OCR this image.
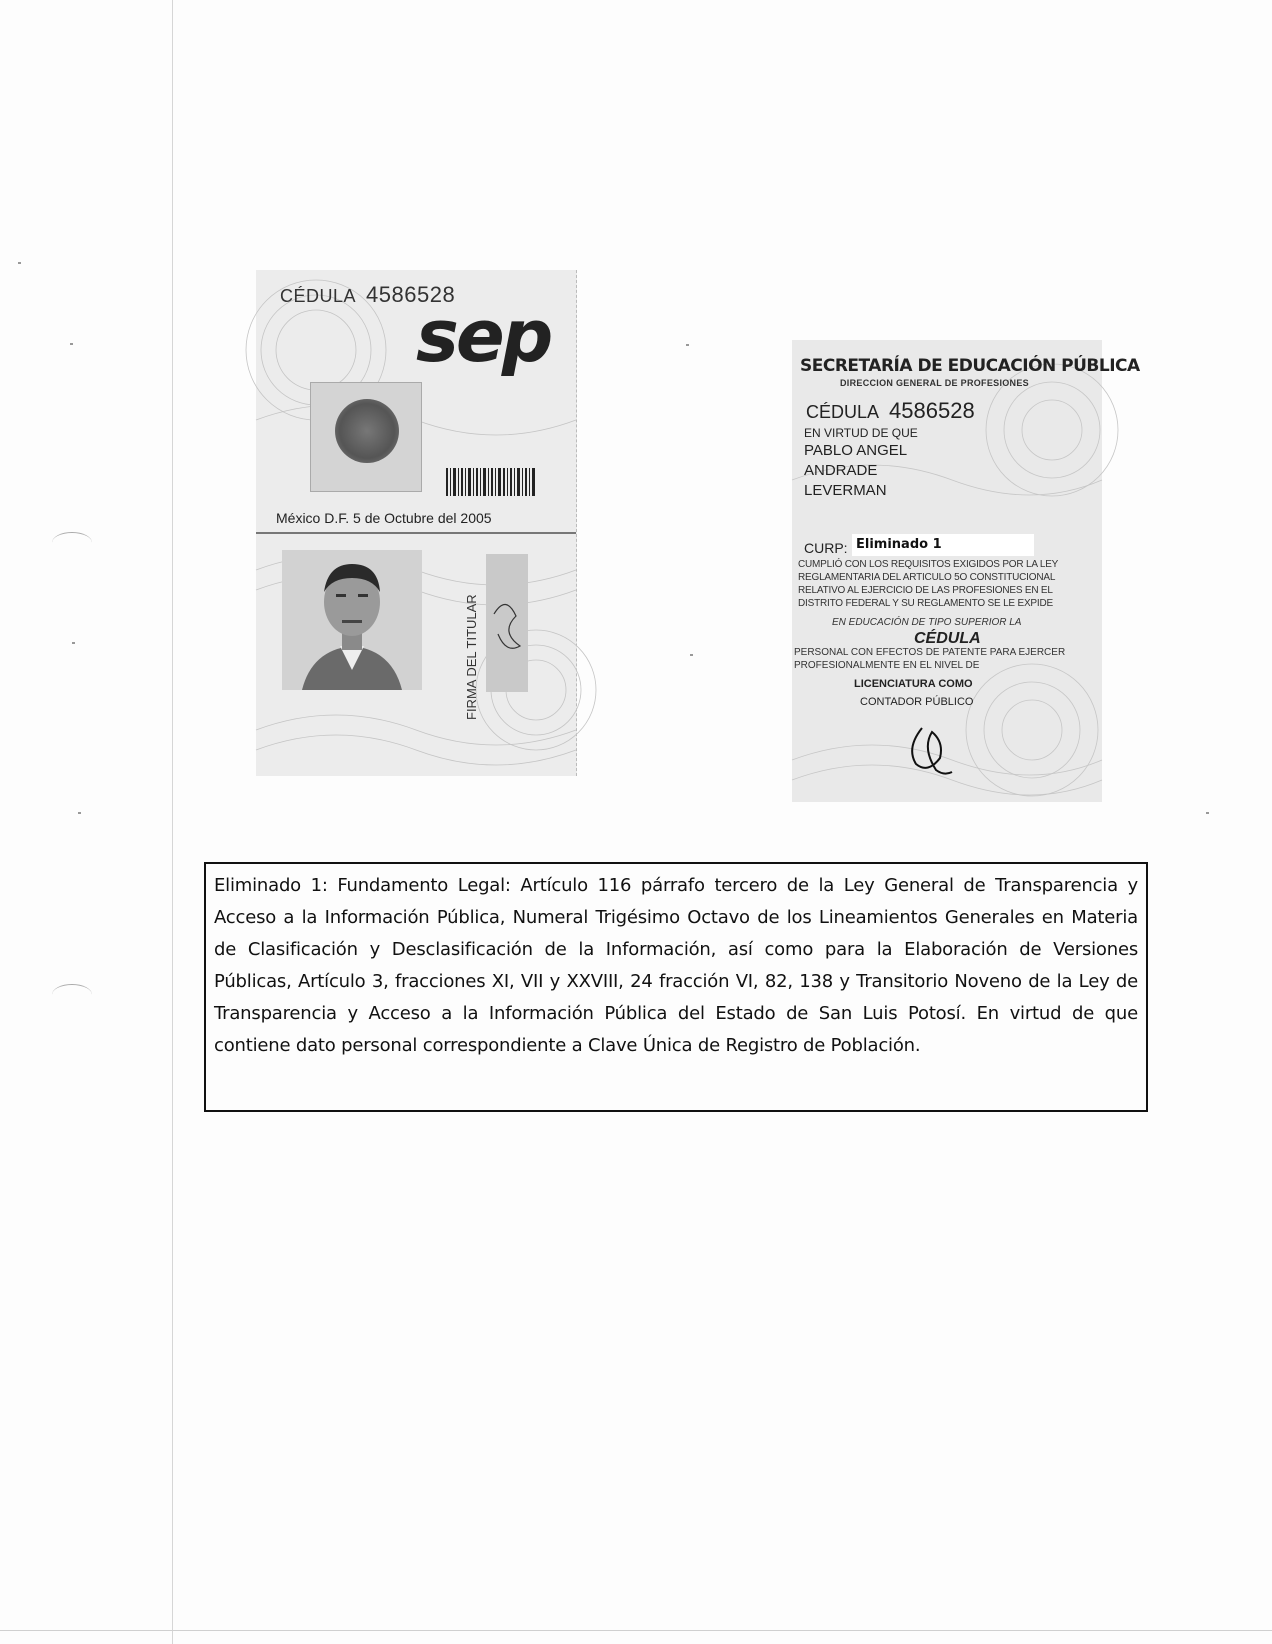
CÉDULA 4586528
sep
México D.F. 5 de Octubre del 2005
FIRMA DEL TITULAR
SECRETARÍA DE EDUCACIÓN PÚBLICA
DIRECCION GENERAL DE PROFESIONES
CÉDULA 4586528
EN VIRTUD DE QUE
PABLO ANGEL
ANDRADE
LEVERMAN
CURP: Eliminado 1
CUMPLIÓ CON LOS REQUISITOS EXIGIDOS POR LA LEY REGLAMENTARIA DEL ARTICULO 5O CONSTITUCIONAL RELATIVO AL EJERCICIO DE LAS PROFESIONES EN EL DISTRITO FEDERAL Y SU REGLAMENTO SE LE EXPIDE
EN EDUCACIÓN DE TIPO SUPERIOR LA
CÉDULA
PERSONAL CON EFECTOS DE PATENTE PARA EJERCER PROFESIONALMENTE EN EL NIVEL DE
LICENCIATURA COMO
CONTADOR PÚBLICO

Eliminado 1: Fundamento Legal: Artículo 116 párrafo tercero de la Ley General de Transparencia y Acceso a la Información Pública, Numeral Trigésimo Octavo de los Lineamientos Generales en Materia de Clasificación y Desclasificación de la Información, así como para la Elaboración de Versiones Públicas, Artículo 3, fracciones XI, VII y XXVIII, 24 fracción VI, 82, 138 y Transitorio Noveno de la Ley de Transparencia y Acceso a la Información Pública del Estado de San Luis Potosí. En virtud de que contiene dato personal correspondiente a Clave Única de Registro de Población.
